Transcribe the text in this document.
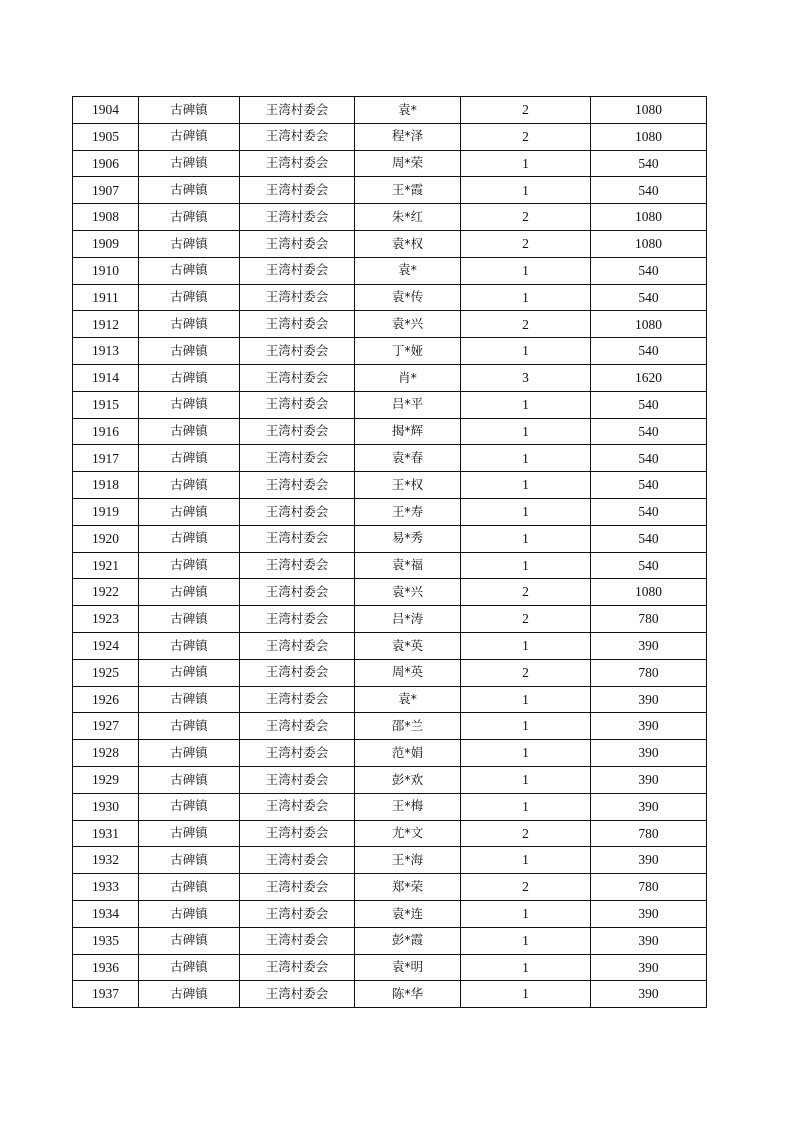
1904	古碑镇	王湾村委会	袁*	2	1080
1905	古碑镇	王湾村委会	程*泽	2	1080
1906	古碑镇	王湾村委会	周*荣	1	540
1907	古碑镇	王湾村委会	王*霞	1	540
1908	古碑镇	王湾村委会	朱*红	2	1080
1909	古碑镇	王湾村委会	袁*权	2	1080
1910	古碑镇	王湾村委会	袁*	1	540
1911	古碑镇	王湾村委会	袁*传	1	540
1912	古碑镇	王湾村委会	袁*兴	2	1080
1913	古碑镇	王湾村委会	丁*娅	1	540
1914	古碑镇	王湾村委会	肖*	3	1620
1915	古碑镇	王湾村委会	吕*平	1	540
1916	古碑镇	王湾村委会	揭*辉	1	540
1917	古碑镇	王湾村委会	袁*春	1	540
1918	古碑镇	王湾村委会	王*权	1	540
1919	古碑镇	王湾村委会	王*寿	1	540
1920	古碑镇	王湾村委会	易*秀	1	540
1921	古碑镇	王湾村委会	袁*福	1	540
1922	古碑镇	王湾村委会	袁*兴	2	1080
1923	古碑镇	王湾村委会	吕*涛	2	780
1924	古碑镇	王湾村委会	袁*英	1	390
1925	古碑镇	王湾村委会	周*英	2	780
1926	古碑镇	王湾村委会	袁*	1	390
1927	古碑镇	王湾村委会	邵*兰	1	390
1928	古碑镇	王湾村委会	范*娟	1	390
1929	古碑镇	王湾村委会	彭*欢	1	390
1930	古碑镇	王湾村委会	王*梅	1	390
1931	古碑镇	王湾村委会	尤*文	2	780
1932	古碑镇	王湾村委会	王*海	1	390
1933	古碑镇	王湾村委会	郑*荣	2	780
1934	古碑镇	王湾村委会	袁*连	1	390
1935	古碑镇	王湾村委会	彭*霞	1	390
1936	古碑镇	王湾村委会	袁*明	1	390
1937	古碑镇	王湾村委会	陈*华	1	390
